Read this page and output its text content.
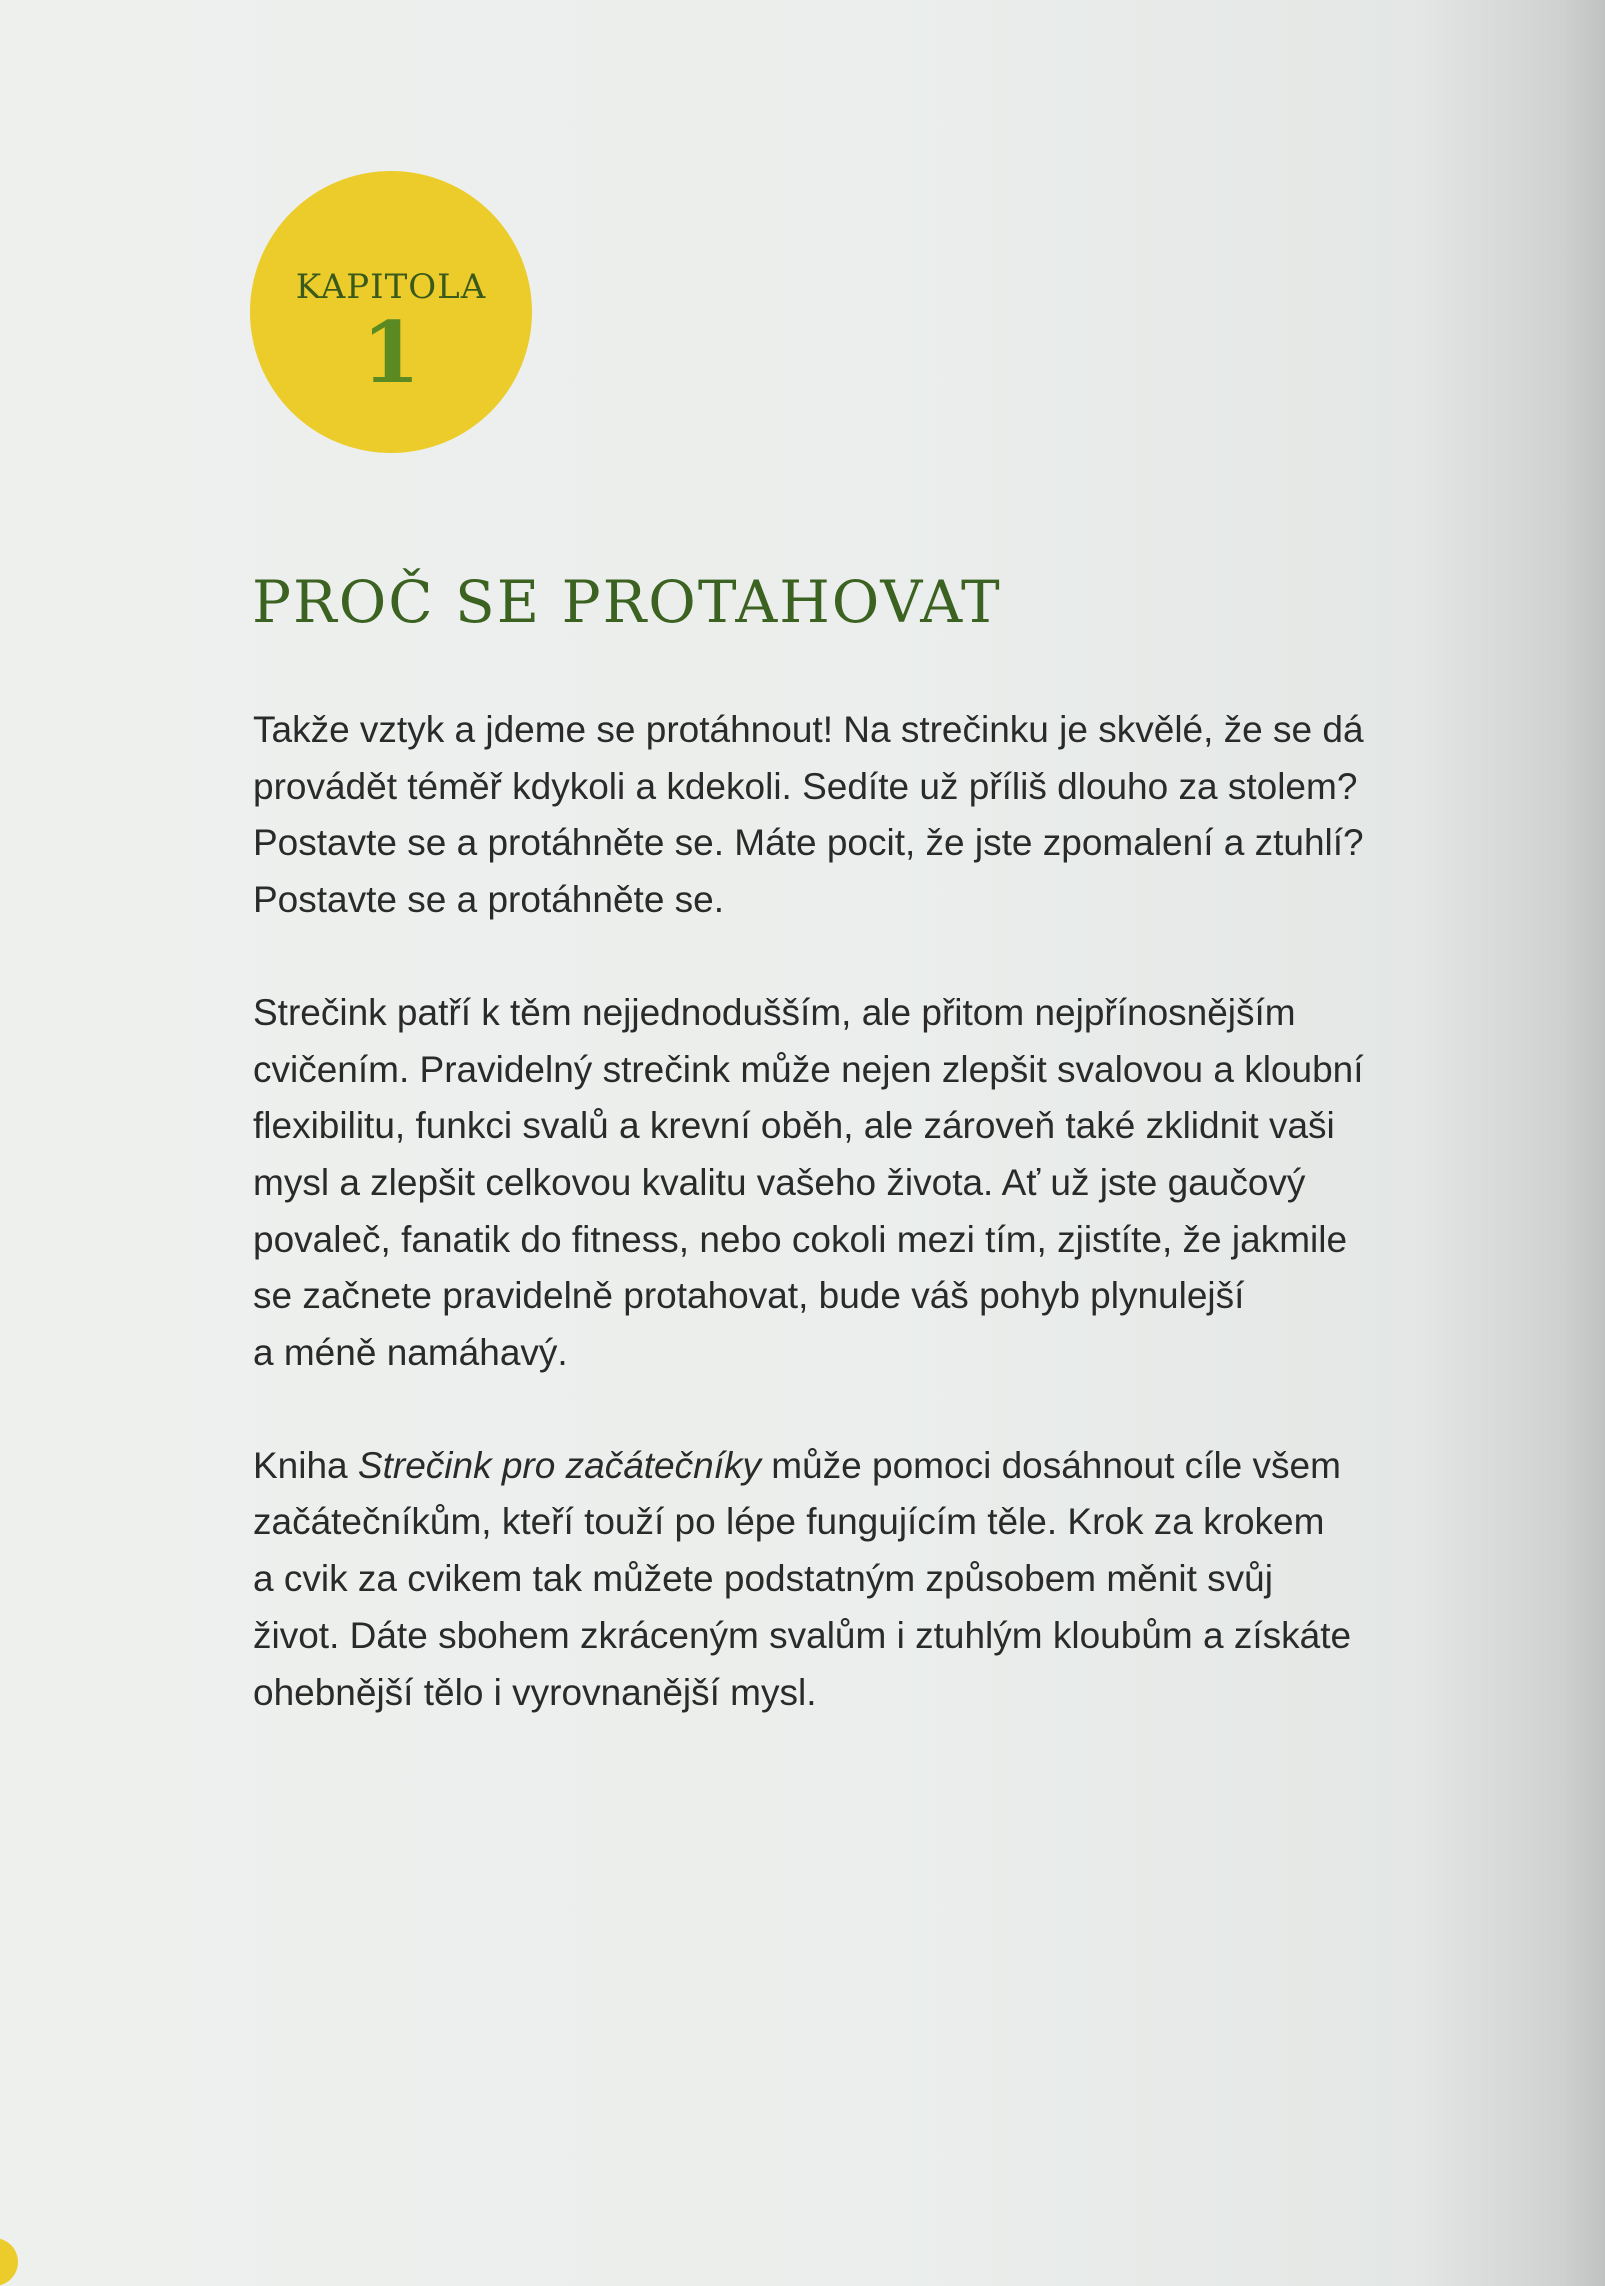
KAPITOLA
1
PROČ SE PROTAHOVAT

Takže vztyk a jdeme se protáhnout! Na strečinku je skvělé, že se dá
provádět téměř kdykoli a kdekoli. Sedíte už příliš dlouho za stolem?
Postavte se a protáhněte se. Máte pocit, že jste zpomalení a ztuhlí?
Postavte se a protáhněte se.

Strečink patří k těm nejjednodušším, ale přitom nejpřínosnějším
cvičením. Pravidelný strečink může nejen zlepšit svalovou a kloubní
flexibilitu, funkci svalů a krevní oběh, ale zároveň také zklidnit vaši
mysl a zlepšit celkovou kvalitu vašeho života. Ať už jste gaučový
povaleč, fanatik do fitness, nebo cokoli mezi tím, zjistíte, že jakmile
se začnete pravidelně protahovat, bude váš pohyb plynulejší
a méně namáhavý.

Kniha Strečink pro začátečníky může pomoci dosáhnout cíle všem
začátečníkům, kteří touží po lépe fungujícím těle. Krok za krokem
a cvik za cvikem tak můžete podstatným způsobem měnit svůj
život. Dáte sbohem zkráceným svalům i ztuhlým kloubům a získáte
ohebnější tělo i vyrovnanější mysl.
